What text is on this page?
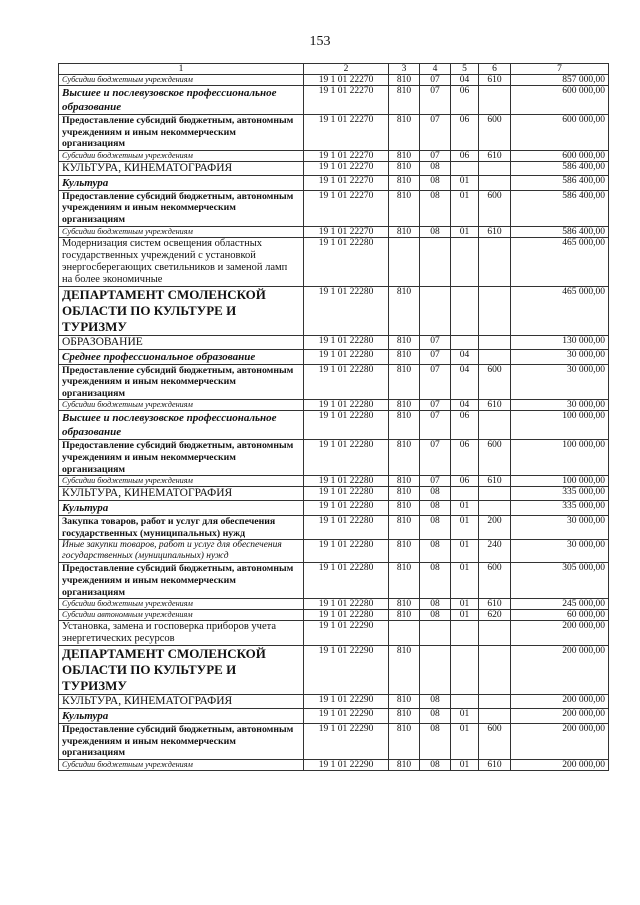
153
1	2	3	4	5	6	7
Субсидии бюджетным учреждениям	19 1 01 22270	810	07	04	610	857 000,00
Высшее и послевузовское профессиональное образование	19 1 01 22270	810	07	06		600 000,00
Предоставление субсидий бюджетным, автономным учреждениям и иным некоммерческим организациям	19 1 01 22270	810	07	06	600	600 000,00
Субсидии бюджетным учреждениям	19 1 01 22270	810	07	06	610	600 000,00
КУЛЬТУРА, КИНЕМАТОГРАФИЯ	19 1 01 22270	810	08			586 400,00
Культура	19 1 01 22270	810	08	01		586 400,00
Предоставление субсидий бюджетным, автономным учреждениям и иным некоммерческим организациям	19 1 01 22270	810	08	01	600	586 400,00
Субсидии бюджетным учреждениям	19 1 01 22270	810	08	01	610	586 400,00
Модернизация систем освещения областных государственных учреждений с установкой энергосберегающих светильников и заменой ламп на более экономичные	19 1 01 22280					465 000,00
ДЕПАРТАМЕНТ СМОЛЕНСКОЙ ОБЛАСТИ ПО КУЛЬТУРЕ И ТУРИЗМУ	19 1 01 22280	810				465 000,00
ОБРАЗОВАНИЕ	19 1 01 22280	810	07			130 000,00
Среднее профессиональное образование	19 1 01 22280	810	07	04		30 000,00
Предоставление субсидий бюджетным, автономным учреждениям и иным некоммерческим организациям	19 1 01 22280	810	07	04	600	30 000,00
Субсидии бюджетным учреждениям	19 1 01 22280	810	07	04	610	30 000,00
Высшее и послевузовское профессиональное образование	19 1 01 22280	810	07	06		100 000,00
Предоставление субсидий бюджетным, автономным учреждениям и иным некоммерческим организациям	19 1 01 22280	810	07	06	600	100 000,00
Субсидии бюджетным учреждениям	19 1 01 22280	810	07	06	610	100 000,00
КУЛЬТУРА, КИНЕМАТОГРАФИЯ	19 1 01 22280	810	08			335 000,00
Культура	19 1 01 22280	810	08	01		335 000,00
Закупка товаров, работ и услуг для обеспечения государственных (муниципальных) нужд	19 1 01 22280	810	08	01	200	30 000,00
Иные закупки товаров, работ и услуг для обеспечения государственных (муниципальных) нужд	19 1 01 22280	810	08	01	240	30 000,00
Предоставление субсидий бюджетным, автономным учреждениям и иным некоммерческим организациям	19 1 01 22280	810	08	01	600	305 000,00
Субсидии бюджетным учреждениям	19 1 01 22280	810	08	01	610	245 000,00
Субсидии автономным учреждениям	19 1 01 22280	810	08	01	620	60 000,00
Установка, замена и госповерка приборов учета энергетических ресурсов	19 1 01 22290					200 000,00
ДЕПАРТАМЕНТ СМОЛЕНСКОЙ ОБЛАСТИ ПО КУЛЬТУРЕ И ТУРИЗМУ	19 1 01 22290	810				200 000,00
КУЛЬТУРА, КИНЕМАТОГРАФИЯ	19 1 01 22290	810	08			200 000,00
Культура	19 1 01 22290	810	08	01		200 000,00
Предоставление субсидий бюджетным, автономным учреждениям и иным некоммерческим организациям	19 1 01 22290	810	08	01	600	200 000,00
Субсидии бюджетным учреждениям	19 1 01 22290	810	08	01	610	200 000,00
